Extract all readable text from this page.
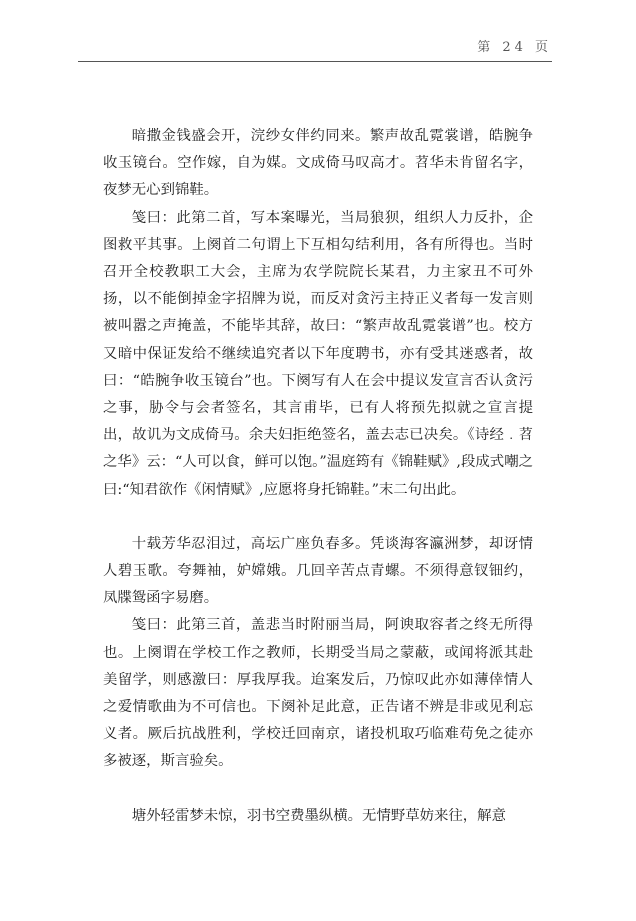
第 24 页

暗撒金钱盛会开，浣纱女伴约同来。繁声故乱霓裳谱，皓腕争收玉镜台。空作嫁，自为媒。文成倚马叹高才。苕华未肯留名字，夜梦无心到锦鞋。

笺曰：此第二首，写本案曝光，当局狼狈，组织人力反扑，企图救平其事。上阕首二句谓上下互相勾结利用，各有所得也。当时召开全校教职工大会，主席为农学院院长某君，力主家丑不可外扬，以不能倒掉金字招牌为说，而反对贪污主持正义者每一发言则被叫嚣之声掩盖，不能毕其辞，故曰：“繁声故乱霓裳谱”也。校方又暗中保证发给不继续追究者以下年度聘书，亦有受其迷惑者，故曰：“皓腕争收玉镜台”也。下阕写有人在会中提议发宣言否认贪污之事，胁令与会者签名，其言甫毕，已有人将预先拟就之宣言提出，故讥为文成倚马。余夫妇拒绝签名，盖去志已决矣。《诗经﹒苕之华》云：“人可以食，鲜可以饱。”温庭筠有《锦鞋赋》,段成式嘲之曰:“知君欲作《闲情赋》,应愿将身托锦鞋。”末二句出此。

十载芳华忍泪过，高坛广座负春多。凭谈海客瀛洲梦，却讶情人碧玉歌。夸舞袖，妒嫦娥。几回辛苦点青螺。不须得意钗钿约，凤牒鸳函字易磨。

笺曰：此第三首，盖悲当时附丽当局，阿谀取容者之终无所得也。上阕谓在学校工作之教师，长期受当局之蒙蔽，或闻将派其赴美留学，则感激曰：厚我厚我。迨案发后，乃惊叹此亦如薄倖情人之爱情歌曲为不可信也。下阕补足此意，正告诸不辨是非或见利忘义者。厥后抗战胜利，学校迁回南京，诸投机取巧临难苟免之徒亦多被逐，斯言验矣。

塘外轻雷梦未惊，羽书空费墨纵横。无情野草妨来往，解意
